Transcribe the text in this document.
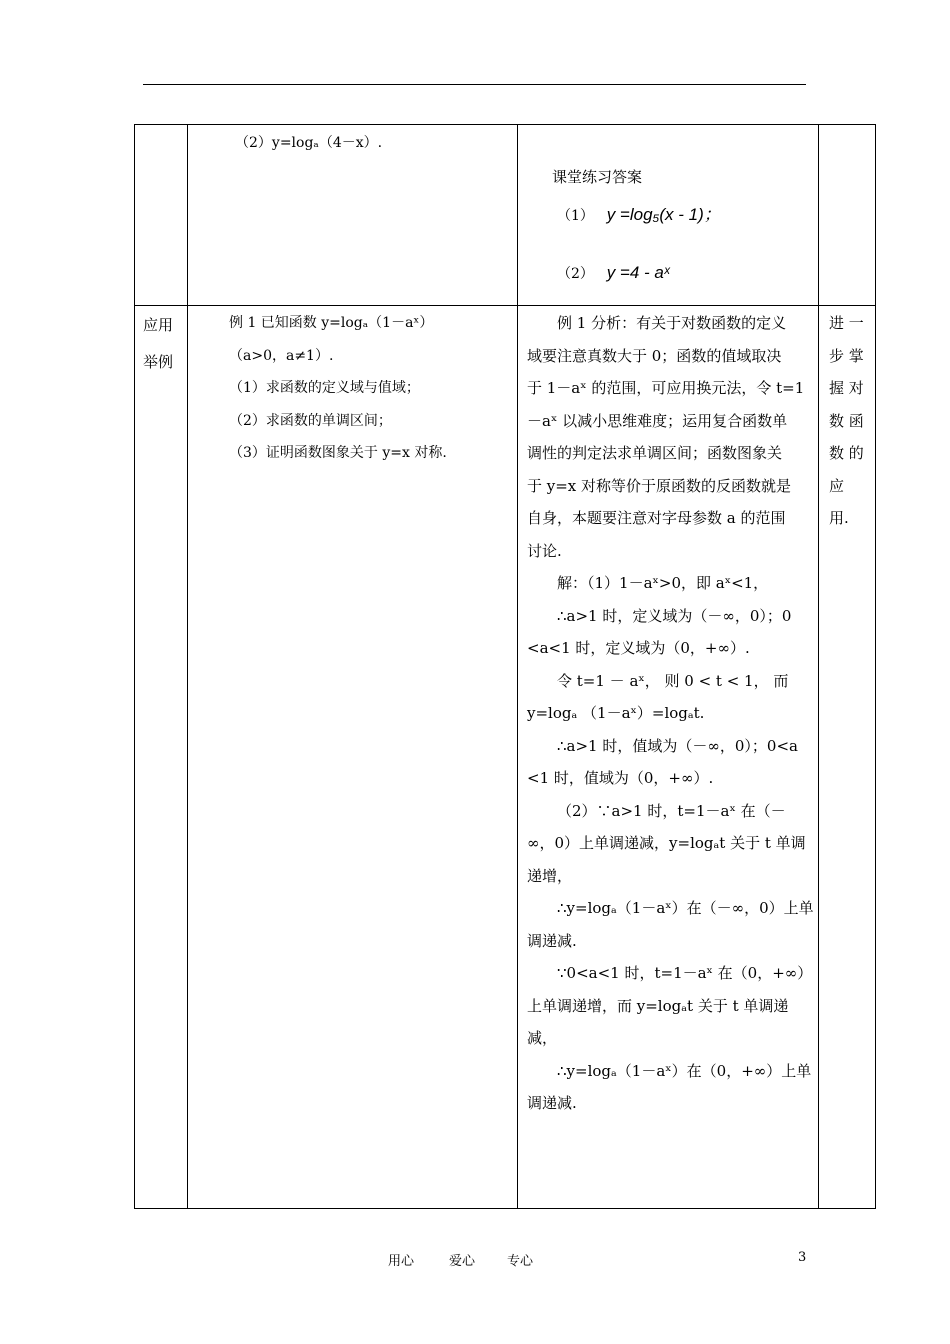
（2）y=logₐ（4－x）.
课堂练习答案
（1） y =log₅(x - 1)；
（2） y =4 - aˣ
应用举例
例 1 已知函数 y=logₐ（1－aˣ）
（a>0，a≠1）.
（1）求函数的定义域与值域；
（2）求函数的单调区间；
（3）证明函数图象关于 y=x 对称.
例 1 分析：有关于对数函数的定义
域要注意真数大于 0；函数的值域取决
于 1－aˣ 的范围，可应用换元法，令 t=1
－aˣ 以减小思维难度；运用复合函数单
调性的判定法求单调区间；函数图象关
于 y=x 对称等价于原函数的反函数就是
自身，本题要注意对字母参数 a 的范围
讨论.
解：（1）1－aˣ>0，即 aˣ<1，
∴a>1 时，定义域为（－∞，0）；0
<a<1 时，定义域为（0，+∞）.
令 t=1 － aˣ， 则 0 < t < 1， 而
y=logₐ （1－aˣ）=logₐt.
∴a>1 时，值域为（－∞，0）；0<a
<1 时，值域为（0，+∞）.
（2）∵a>1 时，t=1－aˣ 在（－
∞，0）上单调递减，y=logₐt 关于 t 单调
递增，
∴y=logₐ（1－aˣ）在（－∞，0）上单
调递减.
∵0<a<1 时，t=1－aˣ 在（0，+∞）
上单调递增，而 y=logₐt 关于 t 单调递
减，
∴y=logₐ（1－aˣ）在（0，+∞）上单
调递减.
进 一
步 掌
握 对
数 函
数 的
应
用.
用心	爱心 专心	3
